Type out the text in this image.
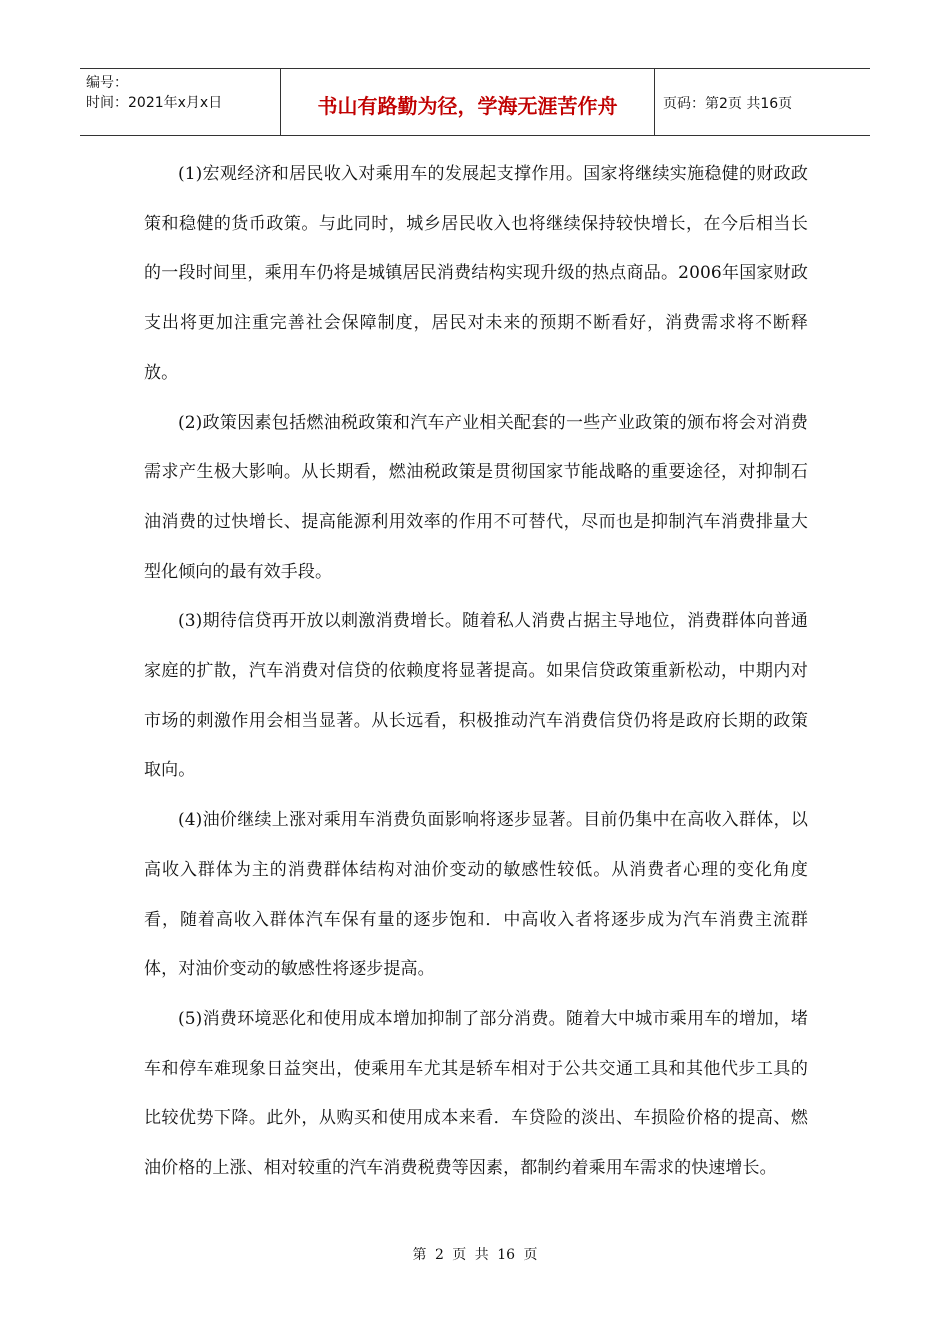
编号：
时间：2021年x月x日	书山有路勤为径，学海无涯苦作舟	页码：第2页 共16页

(1)宏观经济和居民收入对乘用车的发展起支撑作用。国家将继续实施稳健的财政政策和稳健的货币政策。与此同时，城乡居民收入也将继续保持较快增长，在今后相当长的一段时间里，乘用车仍将是城镇居民消费结构实现升级的热点商品。2006年国家财政支出将更加注重完善社会保障制度，居民对未来的预期不断看好，消费需求将不断释放。

(2)政策因素包括燃油税政策和汽车产业相关配套的一些产业政策的颁布将会对消费需求产生极大影响。从长期看，燃油税政策是贯彻国家节能战略的重要途径，对抑制石油消费的过快增长、提高能源利用效率的作用不可替代，尽而也是抑制汽车消费排量大型化倾向的最有效手段。

(3)期待信贷再开放以刺激消费增长。随着私人消费占据主导地位，消费群体向普通家庭的扩散，汽车消费对信贷的依赖度将显著提高。如果信贷政策重新松动，中期内对市场的刺激作用会相当显著。从长远看，积极推动汽车消费信贷仍将是政府长期的政策取向。

(4)油价继续上涨对乘用车消费负面影响将逐步显著。目前仍集中在高收入群体，以高收入群体为主的消费群体结构对油价变动的敏感性较低。从消费者心理的变化角度看，随着高收入群体汽车保有量的逐步饱和．中高收入者将逐步成为汽车消费主流群体，对油价变动的敏感性将逐步提高。

(5)消费环境恶化和使用成本增加抑制了部分消费。随着大中城市乘用车的增加，堵车和停车难现象日益突出，使乘用车尤其是轿车相对于公共交通工具和其他代步工具的比较优势下降。此外，从购买和使用成本来看．车贷险的淡出、车损险价格的提高、燃油价格的上涨、相对较重的汽车消费税费等因素，都制约着乘用车需求的快速增长。

第 2 页 共 16 页
